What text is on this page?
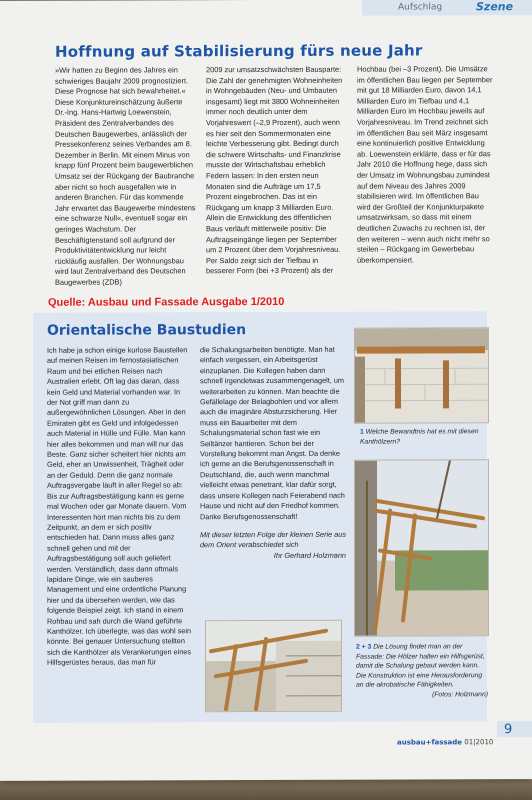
Aufschlag	Szene
Hoffnung auf Stabilisierung fürs neue Jahr

»Wir hatten zu Beginn des Jahres ein schwieriges Baujahr 2009 prognostiziert. Diese Prognose hat sich bewahrheitet.« Diese Konjunktureinschätzung äußerte Dr.-Ing. Hans-Hartwig Loewenstein, Präsident des Zentralverbandes des Deutschen Baugewerbes, anlässlich der Pressekonferenz seines Verbandes am 8. Dezember in Berlin. Mit einem Minus von knapp fünf Prozent beim baugewerblichen Umsatz sei der Rückgang der Baubranche aber nicht so hoch ausgefallen wie in anderen Branchen. Für das kommende Jahr erwartet das Baugewerbe mindestens eine schwarze Null«, eventuell sogar ein geringes Wachstum. Der Beschäftigtenstand soll aufgrund der Produktivitätentwicklung nur leicht rückläufig ausfallen. Der Wohnungsbau wird laut Zentralverband des Deutschen Baugewerbes (ZDB)

2009 zur umsatzschwächsten Bausparte: Die Zahl der genehmigten Wohneinheiten in Wohngebäuden (Neu- und Umbauten insgesamt) liegt mit 3800 Wohneinheiten immer noch deutlich unter dem Vorjahreswert (–2,9 Prozent), auch wenn es hier seit den Sommermonaten eine leichte Verbesserung gibt. Bedingt durch die schwere Wirtschafts- und Finanzkrise musste der Wirtschaftsbau erheblich Federn lassen: In den ersten neun Monaten sind die Aufträge um 17,5 Prozent eingebrochen. Das ist ein Rückgang um knapp 3 Milliarden Euro. Allein die Entwicklung des öffentlichen Baus verläuft mittlerweile positiv: Die Auftragseingänge liegen per September um 2 Prozent über dem Vorjahresniveau. Per Saldo zeigt sich der Tiefbau in besserer Form (bei +3 Prozent) als der

Hochbau (bei –3 Prozent). Die Umsätze im öffentlichen Bau liegen per September mit gut 18 Milliarden Euro, davon 14,1 Milliarden Euro im Tiefbau und 4,1 Milliarden Euro im Hochbau jeweils auf Vorjahresniveau. Im Trend zeichnet sich im öffentlichen Bau seit März insgesamt eine kontinuierlich positive Entwicklung ab. Loewenstein erklärte, dass er für das Jahr 2010 die Hoffnung hege, dass sich der Umsatz im Wohnungsbau zumindest auf dem Niveau des Jahres 2009 stabilisieren wird. Im öffentlichen Bau wird der Großteil der Konjunkturpakete umsatzwirksam, so dass mit einem deutlichen Zuwachs zu rechnen ist, der den weiteren – wenn auch nicht mehr so steilen – Rückgang im Gewerbebau überkompensiert.

Quelle: Ausbau und Fassade Ausgabe 1/2010
Orientalische Baustudien

Ich habe ja schon einige kurlose Baustellen auf meinen Reisen im fernostasiatischen Raum und bei etlichen Reisen nach Australien erlebt. Oft lag das daran, dass kein Geld und Material vorhanden war. In der Not griff man dann zu außergewöhnlichen Lösungen. Aber in den Emiraten gibt es Geld und infolgedessen auch Material in Hülle und Fülle. Man kann hier alles bekommen und man will nur das Beste. Ganz sicher scheitert hier nichts am Geld, eher an Unwissenheit, Trägheit oder an der Geduld. Denn die ganz normale Auftragsvergabe läuft in aller Regel so ab: Bis zur Auftragsbestätigung kann es gerne mal Wochen oder gar Monate dauern. Vom Interessenten hört man nichts bis zu dem Zeitpunkt, an dem er sich positiv entschieden hat. Dann muss alles ganz schnell gehen und mit der Auftragsbestätigung soll auch geliefert werden. Verständlich, dass dann oftmals lapidare Dinge, wie ein sauberes Management und eine ordentliche Planung hier und da übersehen werden, wie das folgende Beispiel zeigt. Ich stand in einem Rohbau und sah durch die Wand geführte Kanthölzer. Ich überlegte, was das wohl sein könnte. Bei genauer Untersuchung stellten sich die Kanthölzer als Verankerungen eines Hilfsgerüstes heraus, das man für

die Schalungsarbeiten benötigte. Man hat einfach vergessen, ein Arbeitsgerüst einzuplanen. Die Kollegen haben dann schnell irgendetwas zusammengenagelt, um weiterarbeiten zu können. Man beachte die Gefällelage der Belagbohlen und vor allem auch die imaginäre Absturzsicherung. Hier muss ein Bauarbeiter mit dem Schalungsmaterial schon fast wie ein Seiltänzer hantieren. Schon bei der Vorstellung bekommt man Angst. Da denke ich gerne an die Berufsgenossenschaft in Deutschland, die, auch wenn manchmal vielleicht etwas penetrant, klar dafür sorgt, dass unsere Kollegen nach Feierabend nach Hause und nicht auf den Friedhof kommen. Danke Berufsgenossenschaft!

Mit dieser letzten Folge der kleinen Serie aus dem Orient verabschiedet sich

Ihr Gerhard Holzmann

1 Welche Bewandtnis hat es mit diesen Kanthölzern?
2 + 3 Die Lösung findet man an der Fassade: Die Hölzer halten ein Hilfsgerüst, damit die Schalung gebaut werden kann. Die Konstruktion ist eine Herausforderung an die akrobatische Fähigkeiten.
(Fotos: Holzmann)
9
ausbau+fassade 01|2010
